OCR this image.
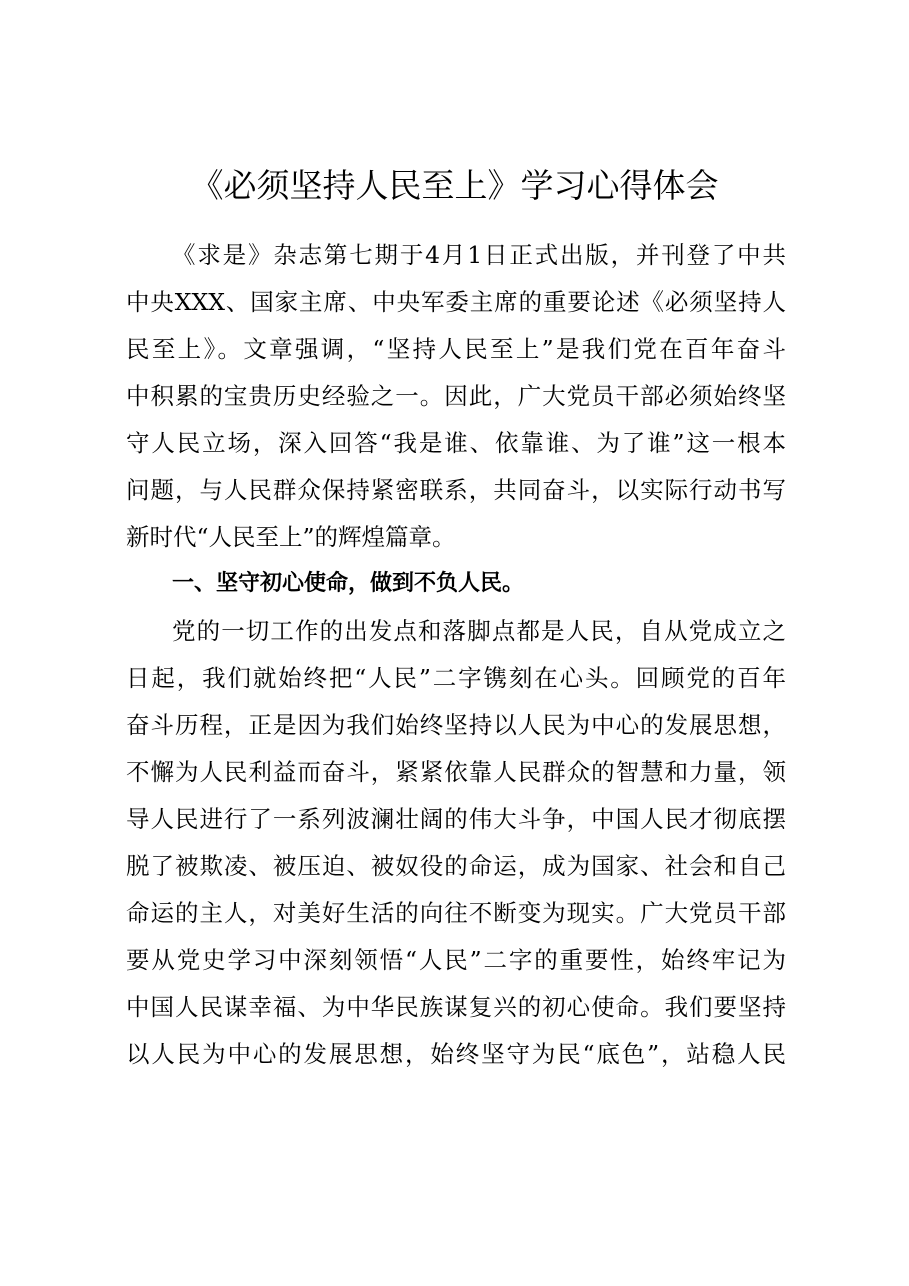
《必须坚持人民至上》学习心得体会

《求是》杂志第七期于4月1日正式出版，并刊登了中共

中央XXX、国家主席、中央军委主席的重要论述《必须坚持人

民至上》。文章强调，“坚持人民至上”是我们党在百年奋斗

中积累的宝贵历史经验之一。因此，广大党员干部必须始终坚

守人民立场，深入回答“我是谁、依靠谁、为了谁”这一根本

问题，与人民群众保持紧密联系，共同奋斗，以实际行动书写

新时代“人民至上”的辉煌篇章。

一、坚守初心使命，做到不负人民。

党的一切工作的出发点和落脚点都是人民，自从党成立之

日起，我们就始终把“人民”二字镌刻在心头。回顾党的百年

奋斗历程，正是因为我们始终坚持以人民为中心的发展思想，

不懈为人民利益而奋斗，紧紧依靠人民群众的智慧和力量，领

导人民进行了一系列波澜壮阔的伟大斗争，中国人民才彻底摆

脱了被欺凌、被压迫、被奴役的命运，成为国家、社会和自己

命运的主人，对美好生活的向往不断变为现实。广大党员干部

要从党史学习中深刻领悟“人民”二字的重要性，始终牢记为

中国人民谋幸福、为中华民族谋复兴的初心使命。我们要坚持

以人民为中心的发展思想，始终坚守为民“底色”，站稳人民
